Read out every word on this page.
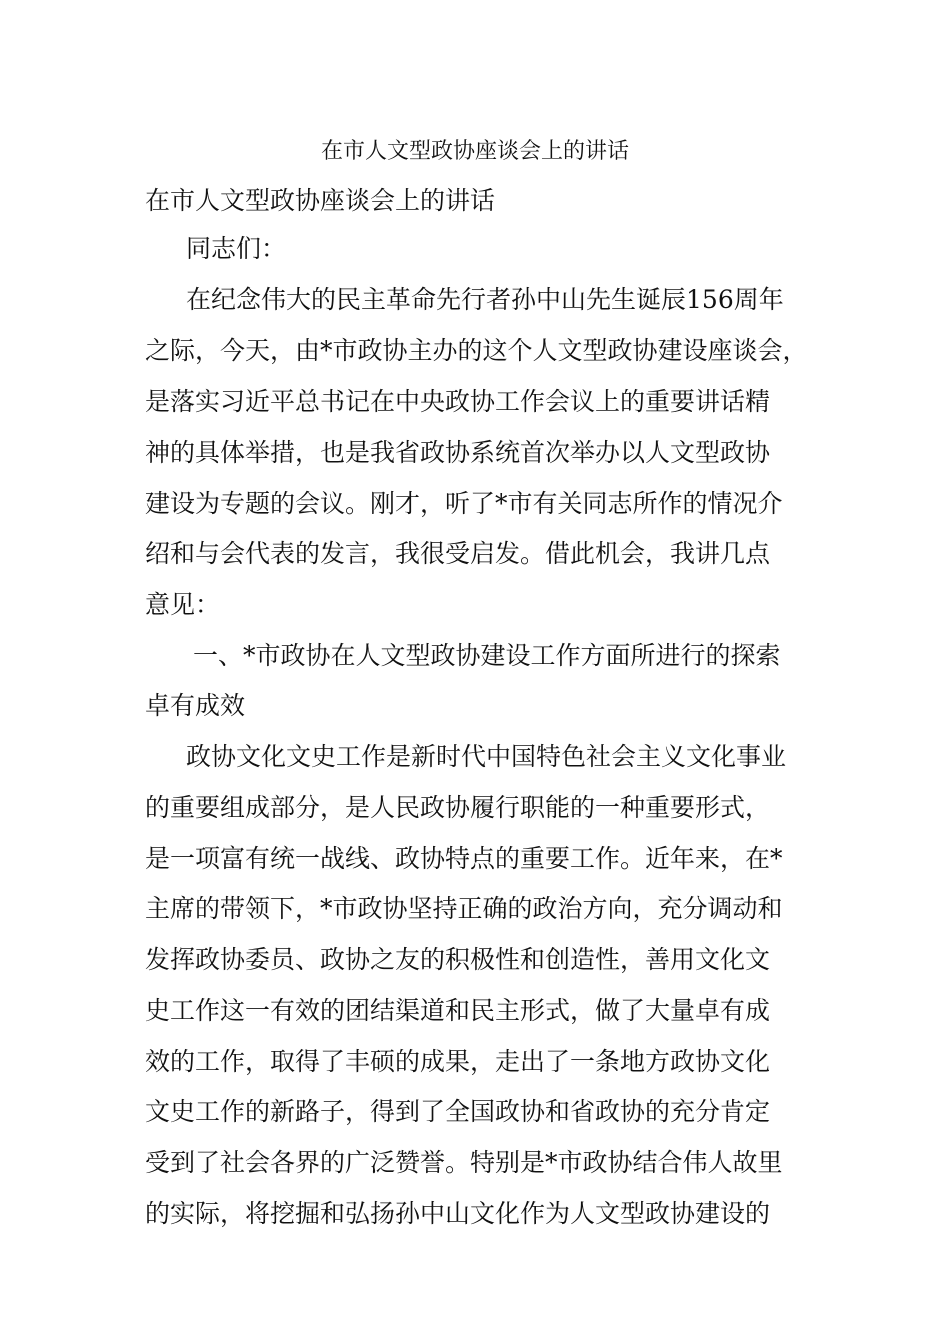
在市人文型政协座谈会上的讲话

在市人文型政协座谈会上的讲话

同志们：

在纪念伟大的民主革命先行者孙中山先生诞辰156周年

之际，今天，由*市政协主办的这个人文型政协建设座谈会，

是落实习近平总书记在中央政协工作会议上的重要讲话精

神的具体举措，也是我省政协系统首次举办以人文型政协

建设为专题的会议。刚才，听了*市有关同志所作的情况介

绍和与会代表的发言，我很受启发。借此机会，我讲几点

意见：

一、*市政协在人文型政协建设工作方面所进行的探索

卓有成效

政协文化文史工作是新时代中国特色社会主义文化事业

的重要组成部分，是人民政协履行职能的一种重要形式，

是一项富有统一战线、政协特点的重要工作。近年来，在*

主席的带领下，*市政协坚持正确的政治方向，充分调动和

发挥政协委员、政协之友的积极性和创造性，善用文化文

史工作这一有效的团结渠道和民主形式，做了大量卓有成

效的工作，取得了丰硕的成果，走出了一条地方政协文化

文史工作的新路子，得到了全国政协和省政协的充分肯定

受到了社会各界的广泛赞誉。特别是*市政协结合伟人故里

的实际，将挖掘和弘扬孙中山文化作为人文型政协建设的
